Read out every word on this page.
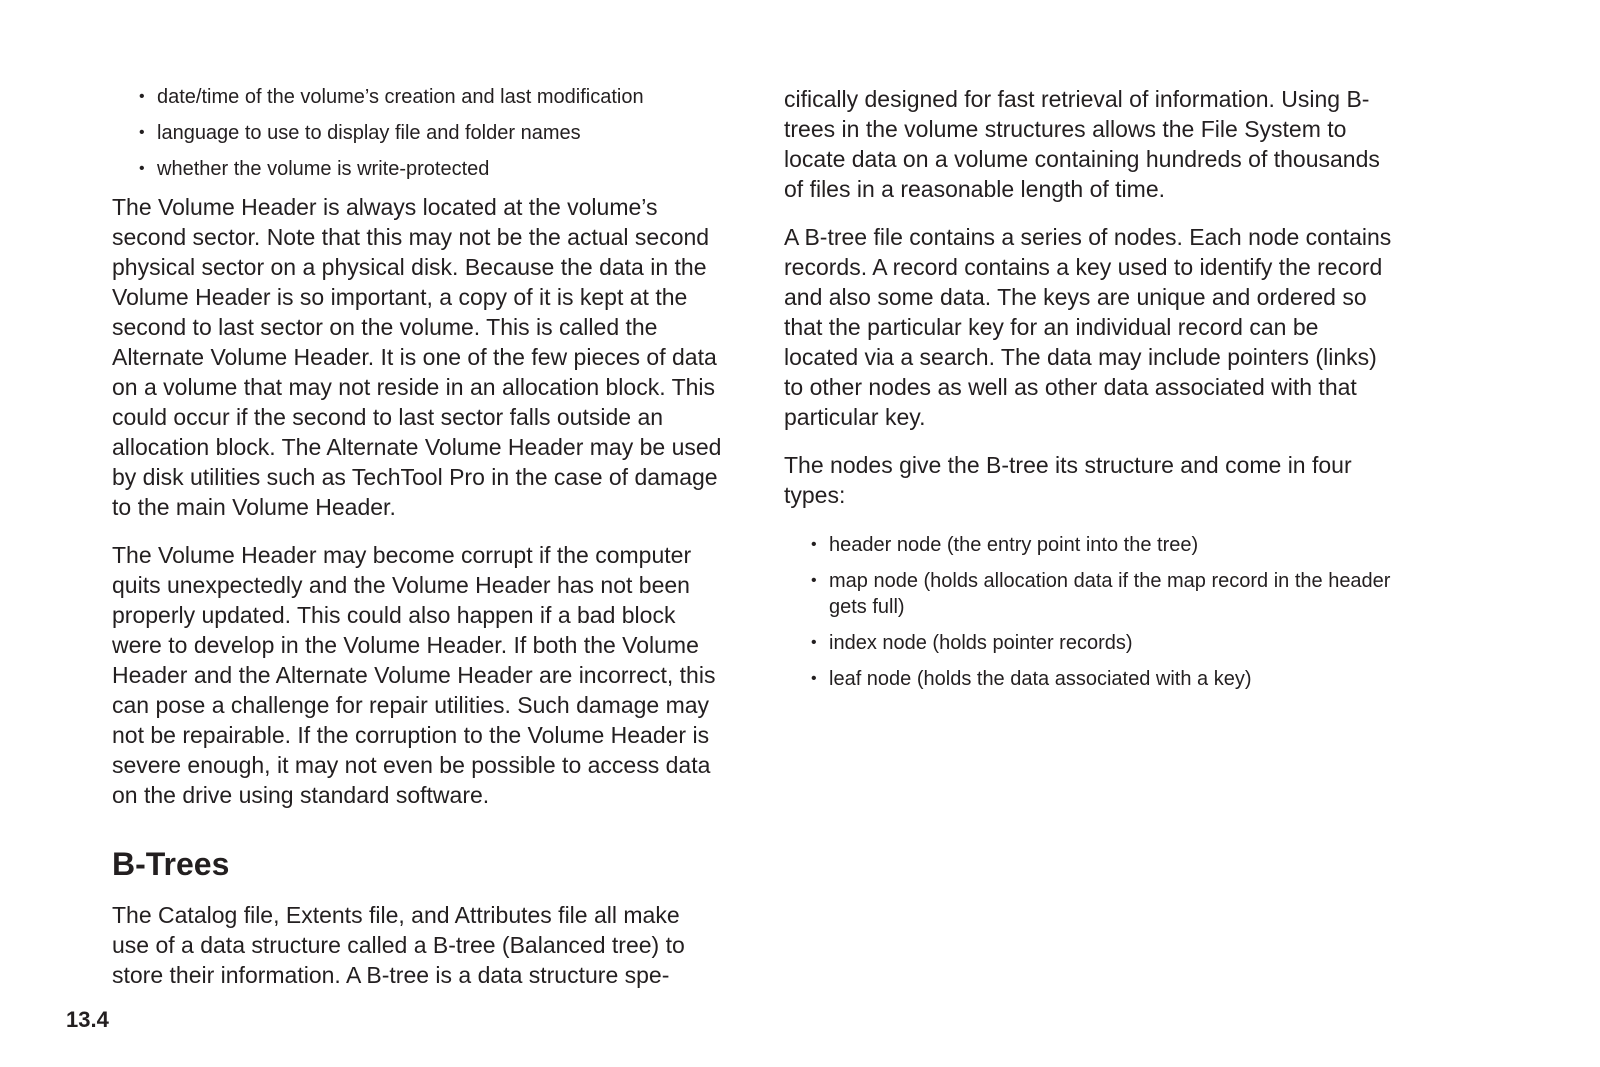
• date/time of the volume’s creation and last modification
• language to use to display file and folder names
• whether the volume is write-protected

The Volume Header is always located at the volume’s second sector. Note that this may not be the actual second physical sector on a physical disk. Because the data in the Volume Header is so important, a copy of it is kept at the second to last sector on the volume. This is called the Alternate Volume Header. It is one of the few pieces of data on a volume that may not reside in an allocation block. This could occur if the second to last sector falls outside an allocation block. The Alternate Volume Header may be used by disk utilities such as TechTool Pro in the case of damage to the main Volume Header.

The Volume Header may become corrupt if the computer quits unexpectedly and the Volume Header has not been properly updated. This could also happen if a bad block were to develop in the Volume Header. If both the Volume Header and the Alternate Volume Header are incorrect, this can pose a challenge for repair utilities. Such damage may not be repairable. If the corruption to the Volume Header is severe enough, it may not even be possible to access data on the drive using standard software.

B-Trees

The Catalog file, Extents file, and Attributes file all make use of a data structure called a B-tree (Balanced tree) to store their information. A B-tree is a data structure spe-

cifically designed for fast retrieval of information. Using B-trees in the volume structures allows the File System to locate data on a volume containing hundreds of thousands of files in a reasonable length of time.

A B-tree file contains a series of nodes. Each node contains records. A record contains a key used to identify the record and also some data. The keys are unique and ordered so that the particular key for an individual record can be located via a search. The data may include pointers (links) to other nodes as well as other data associated with that particular key.

The nodes give the B-tree its structure and come in four types:

• header node (the entry point into the tree)
• map node (holds allocation data if the map record in the header gets full)
• index node (holds pointer records)
• leaf node (holds the data associated with a key)
13.4
